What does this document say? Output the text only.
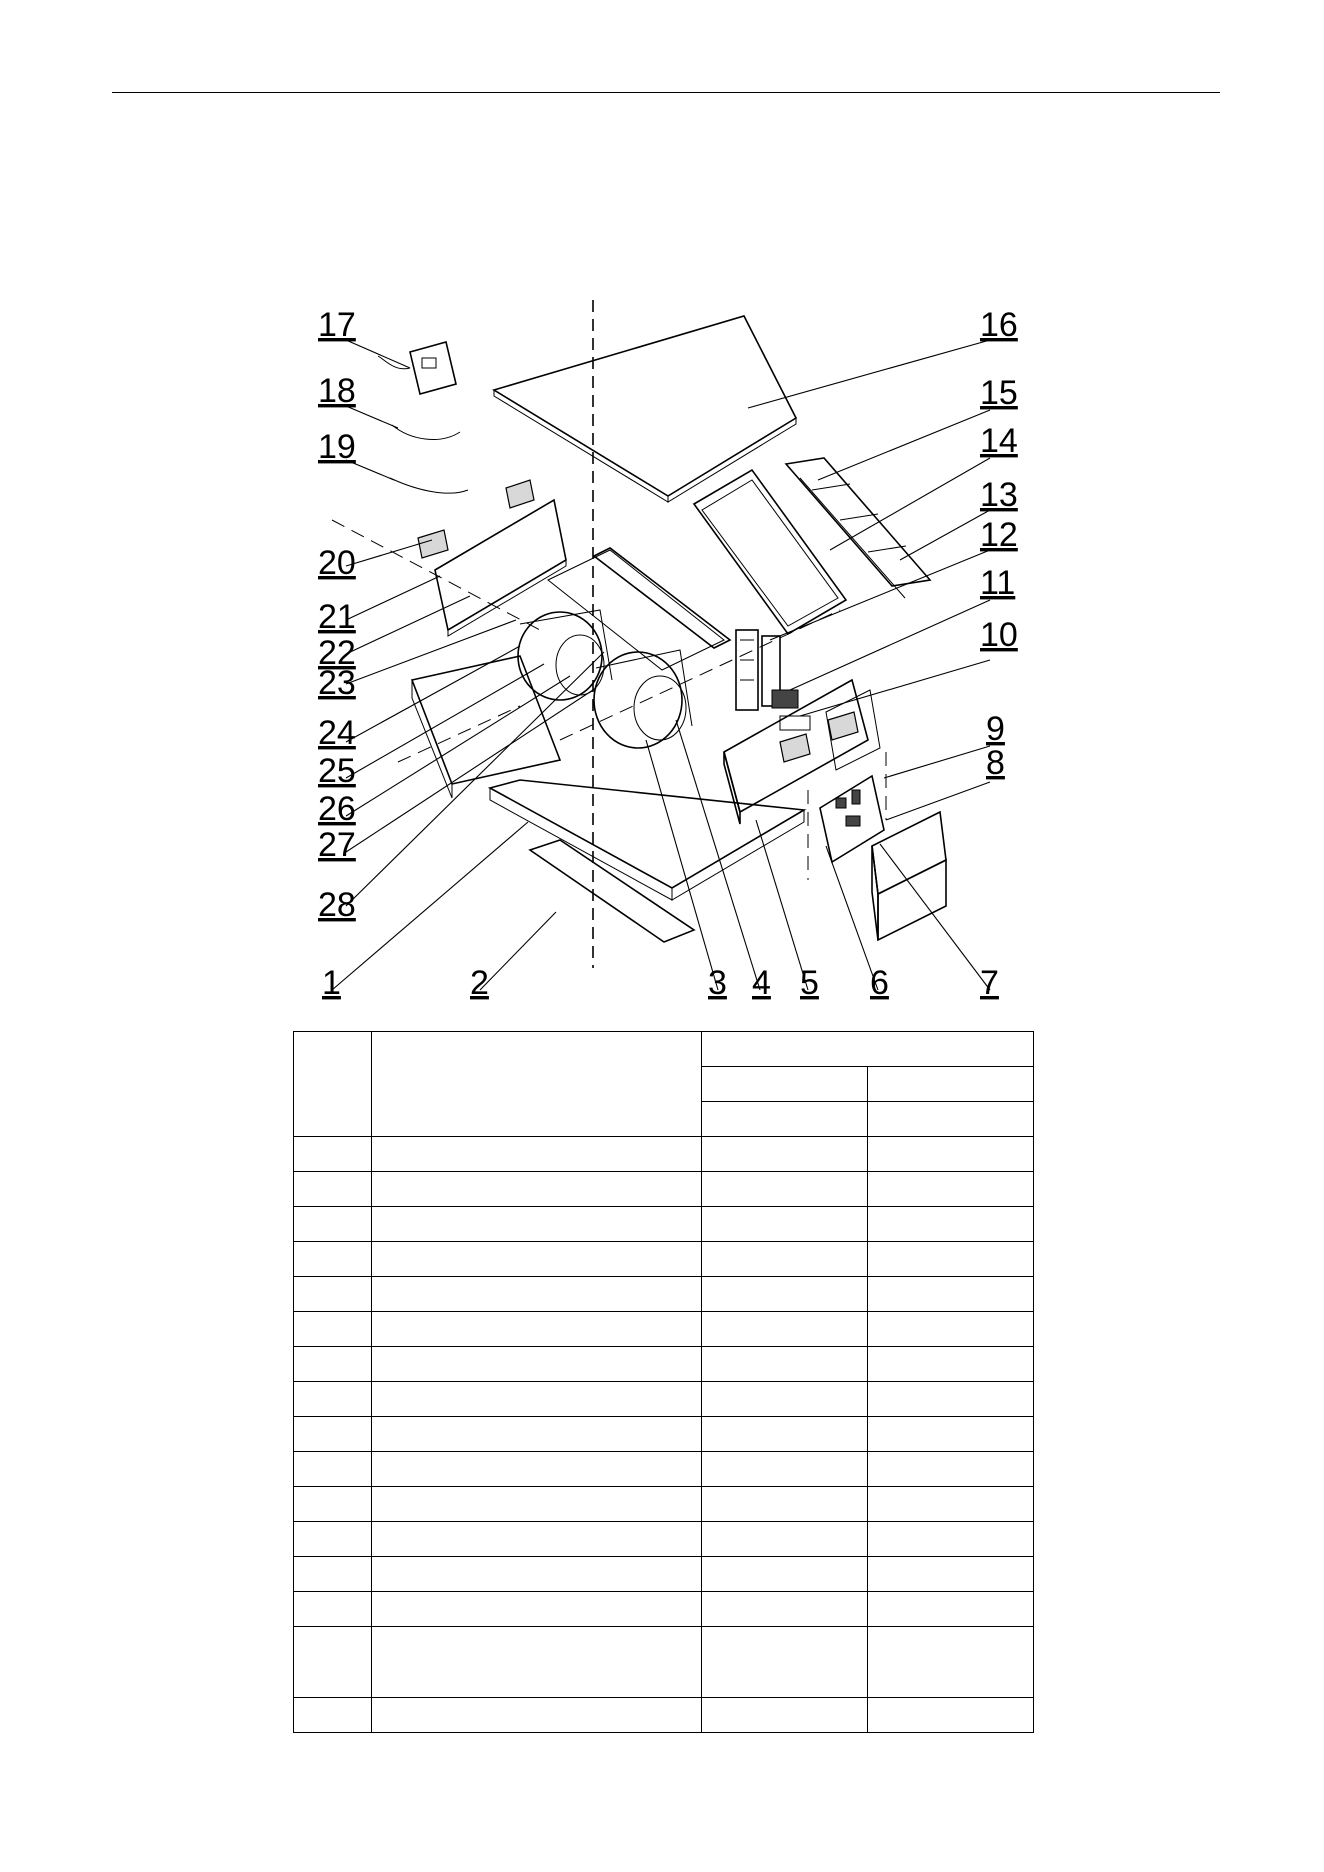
17
18
19
20
21
22
23
24
25
26
27
28
16
15
14
13
12
11
10
9
8
1	2	3 4 5 6	7
